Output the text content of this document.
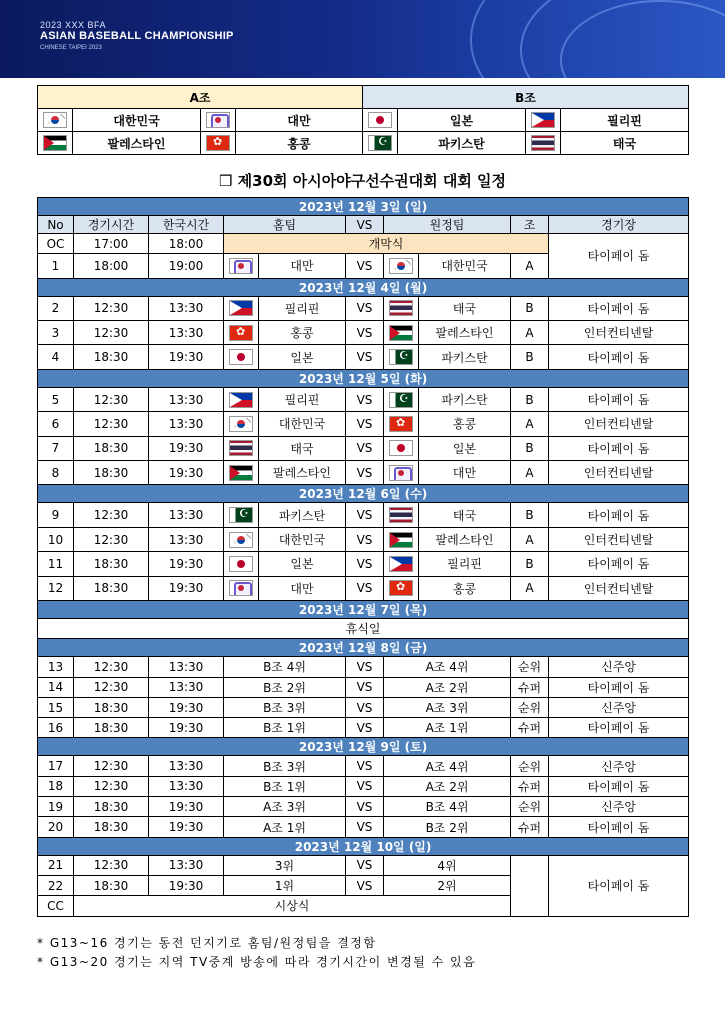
2023 XXX BFA
ASIAN BASEBALL CHAMPIONSHIP
CHINESE TAIPEI 2023
A조				B조			
	대한민국		대만		일본		필리핀
	팔레스타인	✿	홍콩	☪	파키스탄		태국
❒ 제30회 아시아야구선수권대회 대회 일정
2023년 12월 3일 (일)									
No	경기시간	한국시간	홈팀		VS	원정팀		조	경기장
OC	17:00	18:00	개막식						타이페이 돔
1	18:00	19:00		대만	VS		대한민국	A	
2023년 12월 4일 (월)									
2	12:30	13:30		필리핀	VS		태국	B	타이페이 돔
3	12:30	13:30	✿	홍콩	VS		팔레스타인	A	인터컨티넨탈
4	18:30	19:30		일본	VS	☪	파키스탄	B	타이페이 돔
2023년 12월 5일 (화)									
5	12:30	13:30		필리핀	VS	☪	파키스탄	B	타이페이 돔
6	12:30	13:30		대한민국	VS	✿	홍콩	A	인터컨티넨탈
7	18:30	19:30		태국	VS		일본	B	타이페이 돔
8	18:30	19:30		팔레스타인	VS		대만	A	인터컨티넨탈
2023년 12월 6일 (수)									
9	12:30	13:30	☪	파키스탄	VS		태국	B	타이페이 돔
10	12:30	13:30		대한민국	VS		팔레스타인	A	인터컨티넨탈
11	18:30	19:30		일본	VS		필리핀	B	타이페이 돔
12	18:30	19:30		대만	VS	✿	홍콩	A	인터컨티넨탈
2023년 12월 7일 (목)									
휴식일									
2023년 12월 8일 (금)									
13	12:30	13:30	B조 4위		VS	A조 4위		순위	신주앙
14	12:30	13:30	B조 2위		VS	A조 2위		슈퍼	타이페이 돔
15	18:30	19:30	B조 3위		VS	A조 3위		순위	신주앙
16	18:30	19:30	B조 1위		VS	A조 1위		슈퍼	타이페이 돔
2023년 12월 9일 (토)									
17	12:30	13:30	B조 3위		VS	A조 4위		순위	신주앙
18	12:30	13:30	B조 1위		VS	A조 2위		슈퍼	타이페이 돔
19	18:30	19:30	A조 3위		VS	B조 4위		순위	신주앙
20	18:30	19:30	A조 1위		VS	B조 2위		슈퍼	타이페이 돔
2023년 12월 10일 (일)									
21	12:30	13:30	3위		VS	4위			타이페이 돔
22	18:30	19:30	1위		VS	2위			
CC	시상식								
* G13~16 경기는 동전 던지기로 홈팀/원정팀을 결정함
* G13~20 경기는 지역 TV중계 방송에 따라 경기시간이 변경될 수 있음
